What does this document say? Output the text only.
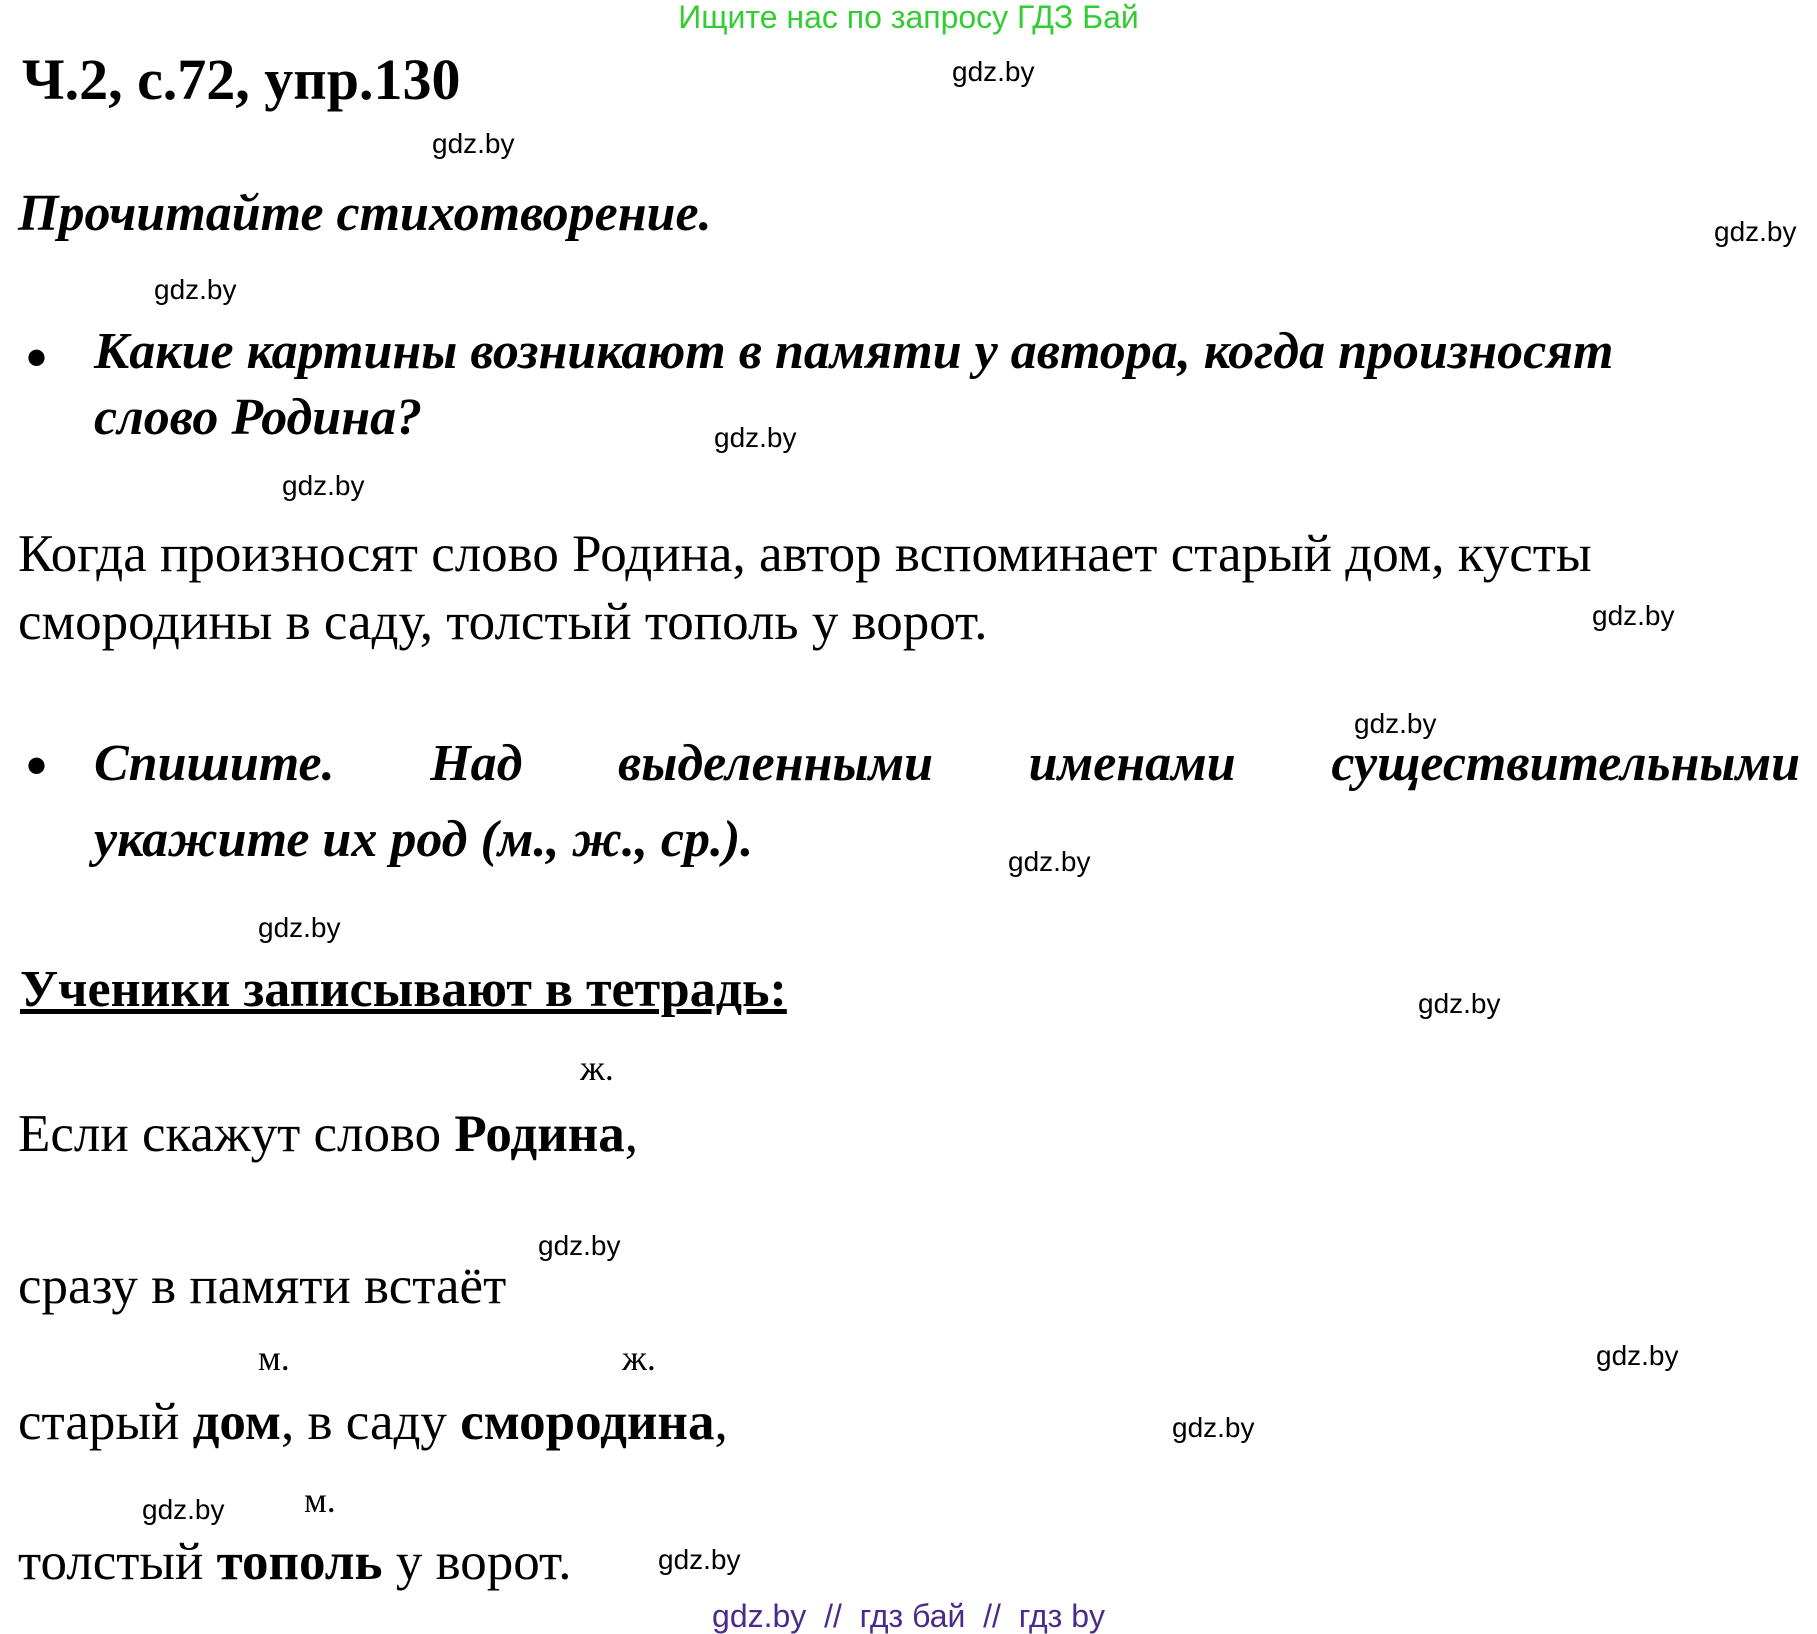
Ищите нас по запросу ГДЗ Бай
Ч.2, с.72, упр.130	gdz.by
gdz.by
gdz.by
gdz.by
gdz.by
gdz.by
gdz.by
gdz.by
gdz.by
gdz.by
gdz.by
gdz.by
gdz.by
gdz.by
gdz.by
gdz.by
Прочитайте стихотворение.
• Какие картины возникают в памяти у автора, когда произносят
слово Родина?
Когда произносят слово Родина, автор вспоминает старый дом, кусты
смородины в саду, толстый тополь у ворот.
• Спишите. Над выделенными именами существительными
укажите их род (м., ж., ср.).
Ученики записывают в тетрадь:
ж.
Если скажут слово Родина,
сразу в памяти встаёт
м.	ж.
старый дом, в саду смородина,
м.
толстый тополь у ворот.
gdz.by  //  гдз бай  //  гдз by
